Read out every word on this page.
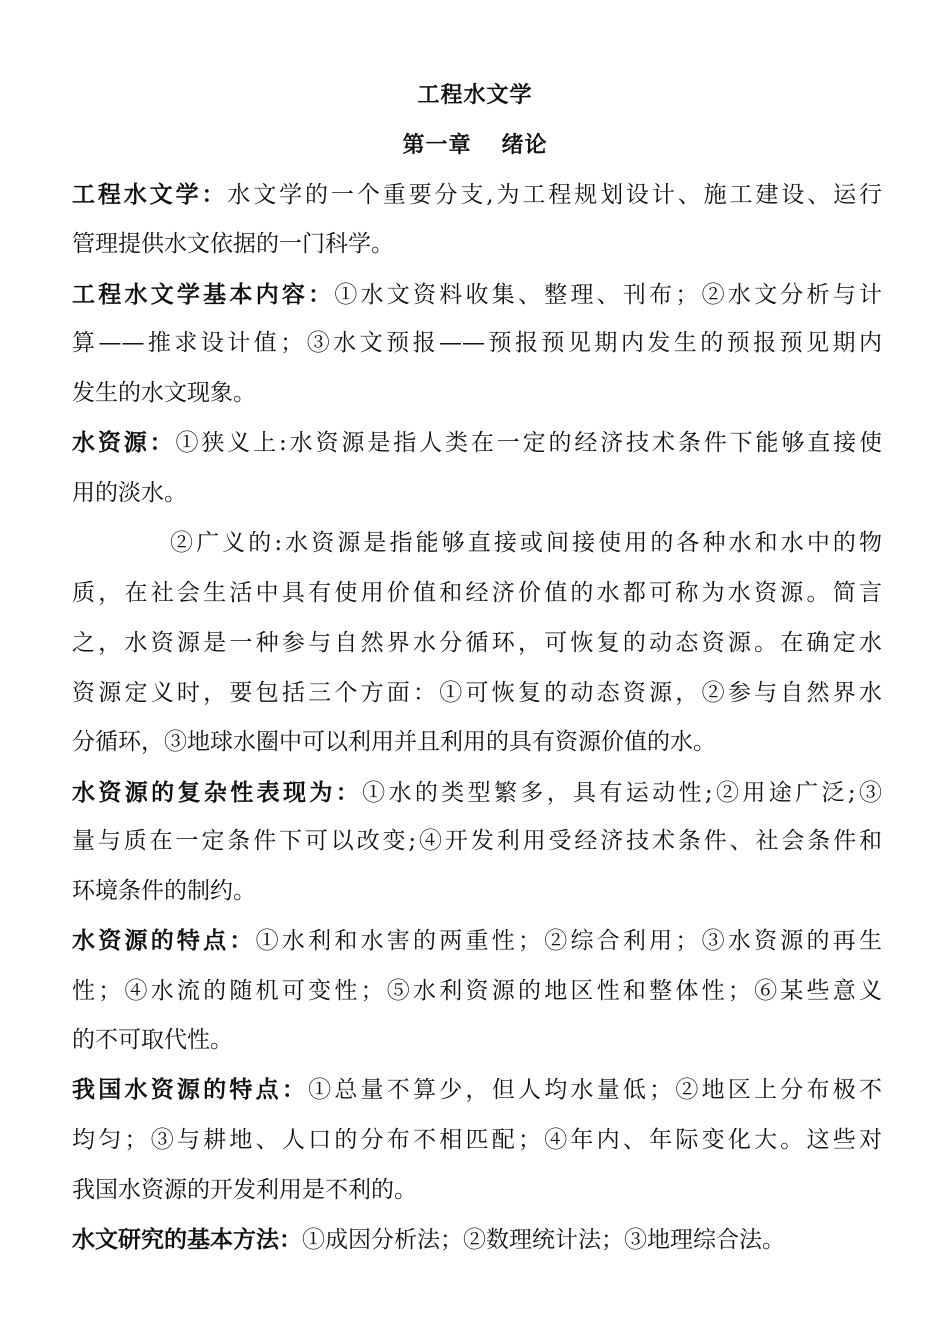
工程水文学
第一章 绪论
工程水文学：水文学的一个重要分支,为工程规划设计、施工建设、运行
管理提供水文依据的一门科学。
工程水文学基本内容：①水文资料收集、整理、刊布；②水文分析与计
算——推求设计值；③水文预报——预报预见期内发生的预报预见期内
发生的水文现象。
水资源：①狭义上:水资源是指人类在一定的经济技术条件下能够直接使
用的淡水。
②广义的:水资源是指能够直接或间接使用的各种水和水中的物
质，在社会生活中具有使用价值和经济价值的水都可称为水资源。简言
之，水资源是一种参与自然界水分循环，可恢复的动态资源。在确定水
资源定义时，要包括三个方面：①可恢复的动态资源，②参与自然界水
分循环，③地球水圈中可以利用并且利用的具有资源价值的水。
水资源的复杂性表现为：①水的类型繁多，具有运动性;②用途广泛;③
量与质在一定条件下可以改变;④开发利用受经济技术条件、社会条件和
环境条件的制约。
水资源的特点：①水利和水害的两重性；②综合利用；③水资源的再生
性；④水流的随机可变性；⑤水利资源的地区性和整体性；⑥某些意义
的不可取代性。
我国水资源的特点：①总量不算少，但人均水量低；②地区上分布极不
均匀；③与耕地、人口的分布不相匹配；④年内、年际变化大。这些对
我国水资源的开发利用是不利的。
水文研究的基本方法：①成因分析法；②数理统计法；③地理综合法。
